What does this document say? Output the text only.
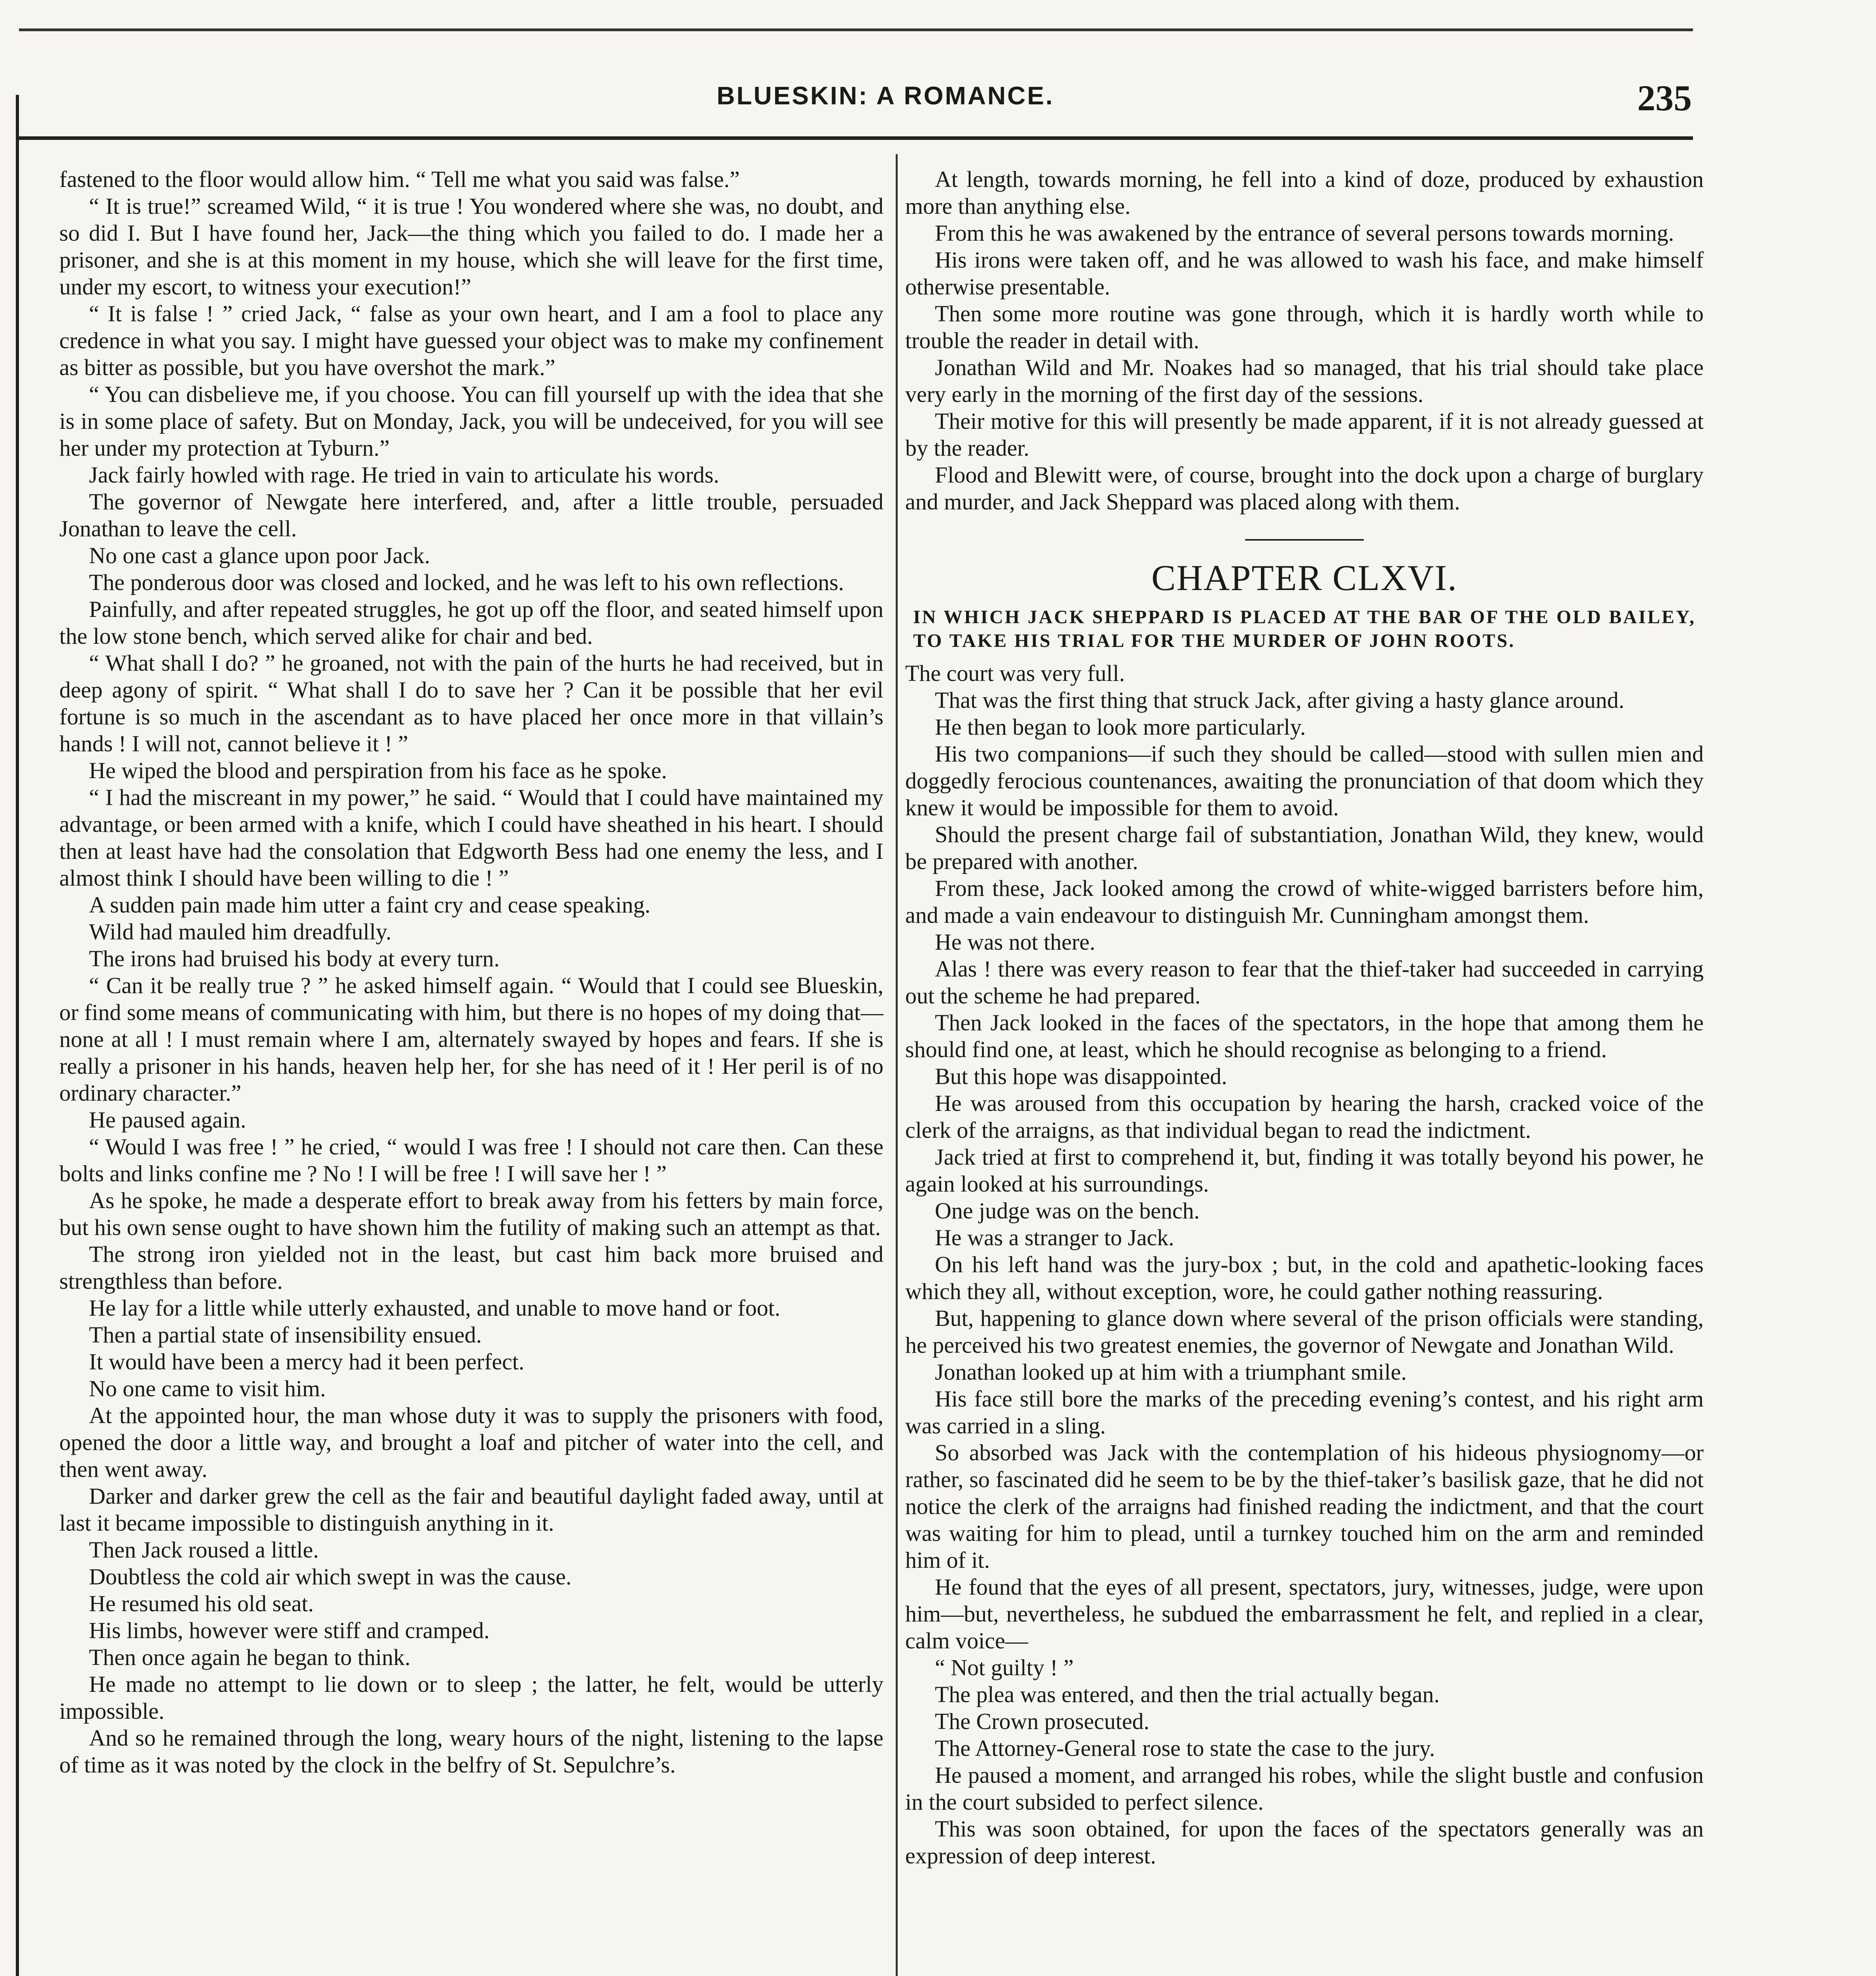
BLUESKIN: A ROMANCE.	235

fastened to the floor would allow him. “ Tell me what you said was false.”

“ It is true!” screamed Wild, “ it is true ! You wondered where she was, no doubt, and so did I. But I have found her, Jack—the thing which you failed to do. I made her a prisoner, and she is at this moment in my house, which she will leave for the first time, under my escort, to witness your execution!”

“ It is false ! ” cried Jack, “ false as your own heart, and I am a fool to place any credence in what you say. I might have guessed your object was to make my confinement as bitter as possible, but you have overshot the mark.”

“ You can disbelieve me, if you choose. You can fill yourself up with the idea that she is in some place of safety. But on Monday, Jack, you will be undeceived, for you will see her under my protection at Tyburn.”

Jack fairly howled with rage. He tried in vain to articulate his words.

The governor of Newgate here interfered, and, after a little trouble, persuaded Jonathan to leave the cell.

No one cast a glance upon poor Jack.

The ponderous door was closed and locked, and he was left to his own reflections.

Painfully, and after repeated struggles, he got up off the floor, and seated himself upon the low stone bench, which served alike for chair and bed.

“ What shall I do? ” he groaned, not with the pain of the hurts he had received, but in deep agony of spirit. “ What shall I do to save her ? Can it be possible that her evil fortune is so much in the ascendant as to have placed her once more in that villain’s hands ! I will not, cannot believe it ! ”

He wiped the blood and perspiration from his face as he spoke.

“ I had the miscreant in my power,” he said. “ Would that I could have maintained my advantage, or been armed with a knife, which I could have sheathed in his heart. I should then at least have had the consolation that Edgworth Bess had one enemy the less, and I almost think I should have been willing to die ! ”

A sudden pain made him utter a faint cry and cease speaking.

Wild had mauled him dreadfully.

The irons had bruised his body at every turn.

“ Can it be really true ? ” he asked himself again. “ Would that I could see Blueskin, or find some means of communicating with him, but there is no hopes of my doing that—none at all ! I must remain where I am, alternately swayed by hopes and fears. If she is really a prisoner in his hands, heaven help her, for she has need of it ! Her peril is of no ordinary character.”

He paused again.

“ Would I was free ! ” he cried, “ would I was free ! I should not care then. Can these bolts and links confine me ? No ! I will be free ! I will save her ! ”

As he spoke, he made a desperate effort to break away from his fetters by main force, but his own sense ought to have shown him the futility of making such an attempt as that.

The strong iron yielded not in the least, but cast him back more bruised and strengthless than before.

He lay for a little while utterly exhausted, and unable to move hand or foot.

Then a partial state of insensibility ensued.

It would have been a mercy had it been perfect.

No one came to visit him.

At the appointed hour, the man whose duty it was to supply the prisoners with food, opened the door a little way, and brought a loaf and pitcher of water into the cell, and then went away.

Darker and darker grew the cell as the fair and beautiful daylight faded away, until at last it became impossible to distinguish anything in it.

Then Jack roused a little.

Doubtless the cold air which swept in was the cause.

He resumed his old seat.

His limbs, however were stiff and cramped.

Then once again he began to think.

He made no attempt to lie down or to sleep ; the latter, he felt, would be utterly impossible.

And so he remained through the long, weary hours of the night, listening to the lapse of time as it was noted by the clock in the belfry of St. Sepulchre’s.

At length, towards morning, he fell into a kind of doze, produced by exhaustion more than anything else.

From this he was awakened by the entrance of several persons towards morning.

His irons were taken off, and he was allowed to wash his face, and make himself otherwise presentable.

Then some more routine was gone through, which it is hardly worth while to trouble the reader in detail with.

Jonathan Wild and Mr. Noakes had so managed, that his trial should take place very early in the morning of the first day of the sessions.

Their motive for this will presently be made apparent, if it is not already guessed at by the reader.

Flood and Blewitt were, of course, brought into the dock upon a charge of burglary and murder, and Jack Sheppard was placed along with them.

CHAPTER CLXVI.
IN WHICH JACK SHEPPARD IS PLACED AT THE BAR OF THE OLD BAILEY, TO TAKE HIS TRIAL FOR THE MURDER OF JOHN ROOTS.

The court was very full.

That was the first thing that struck Jack, after giving a hasty glance around.

He then began to look more particularly.

His two companions—if such they should be called—stood with sullen mien and doggedly ferocious countenances, awaiting the pronunciation of that doom which they knew it would be impossible for them to avoid.

Should the present charge fail of substantiation, Jonathan Wild, they knew, would be prepared with another.

From these, Jack looked among the crowd of white-wigged barristers before him, and made a vain endeavour to distinguish Mr. Cunningham amongst them.

He was not there.

Alas ! there was every reason to fear that the thief-taker had succeeded in carrying out the scheme he had prepared.

Then Jack looked in the faces of the spectators, in the hope that among them he should find one, at least, which he should recognise as belonging to a friend.

But this hope was disappointed.

He was aroused from this occupation by hearing the harsh, cracked voice of the clerk of the arraigns, as that individual began to read the indictment.

Jack tried at first to comprehend it, but, finding it was totally beyond his power, he again looked at his surroundings.

One judge was on the bench.

He was a stranger to Jack.

On his left hand was the jury-box ; but, in the cold and apathetic-looking faces which they all, without exception, wore, he could gather nothing reassuring.

But, happening to glance down where several of the prison officials were standing, he perceived his two greatest enemies, the governor of Newgate and Jonathan Wild.

Jonathan looked up at him with a triumphant smile.

His face still bore the marks of the preceding evening’s contest, and his right arm was carried in a sling.

So absorbed was Jack with the contemplation of his hideous physiognomy—or rather, so fascinated did he seem to be by the thief-taker’s basilisk gaze, that he did not notice the clerk of the arraigns had finished reading the indictment, and that the court was waiting for him to plead, until a turnkey touched him on the arm and reminded him of it.

He found that the eyes of all present, spectators, jury, witnesses, judge, were upon him—but, nevertheless, he subdued the embarrassment he felt, and replied in a clear, calm voice—

“ Not guilty ! ”

The plea was entered, and then the trial actually began.

The Crown prosecuted.

The Attorney-General rose to state the case to the jury.

He paused a moment, and arranged his robes, while the slight bustle and confusion in the court subsided to perfect silence.

This was soon obtained, for upon the faces of the spectators generally was an expression of deep interest.
